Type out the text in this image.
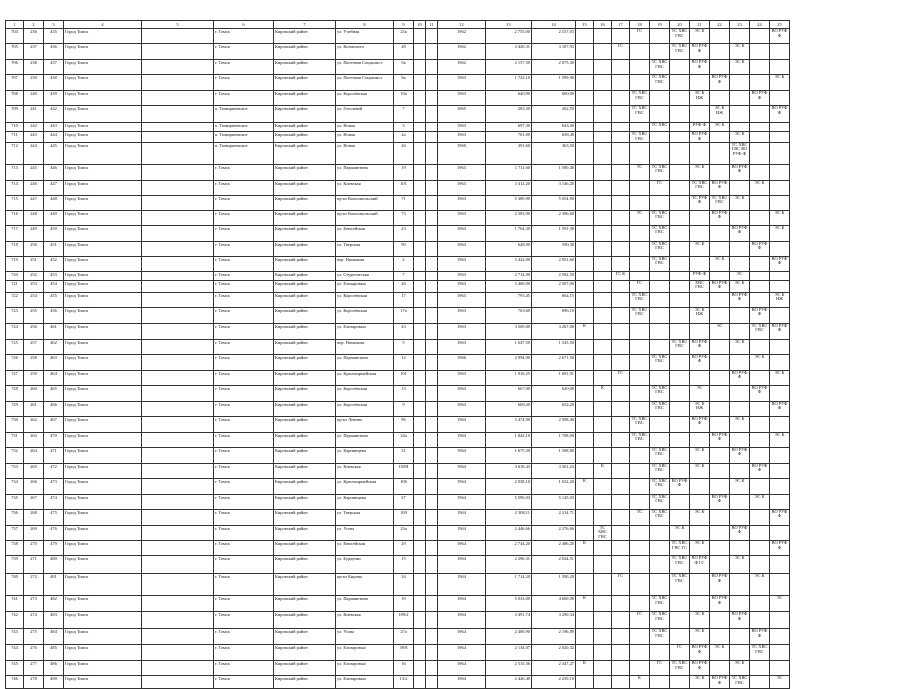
1	2	3	4	5	6	7	8	9	10	11	12	13	14	15	16	17	18	19	20	21	22	23	24	25
704	236	435	Город Томск		г. Томск	Кировский район	ул. Учебная	23а			1962	2 755,00	2 537,03				ГС		ТС ХВС ГВС	ЭС К				ВО РУФ Ф
705	237	436	Город Томск		г. Томск	Кировский район	ул. Котовского	28			1962	3 420,31	3 187,93			ГС			ТС ХВС ГВС	ВО РУФ Ф		ЭС К		
706	238	437	Город Томск		г. Томск	Кировский район	ул. Пасечная Социалист	9а			1962	2 157,50	2 075,30					ТС ХВС ГВС		ВО РУФ Ф		ЭС К		
707	239	438	Город Томск		г. Томск	Кировский район	ул. Пасечная Социалист	8а			1963	1 722,10	1 599,90					ТС ХВС ГВС			ВО РУФ Ф			ЭС К
708	240	439	Город Томск		г. Томск	Кировский район	ул. Королёвская	10а			1963	640,90	600,00				ТС ХВС ГВС			ЭС К НЖ			ВО РУФ Ф	
709	241	442	Город Томск		п. Тимирязевское	Кировский район	ул. Гоголевой	7			1965	285,30	262,50				ТС ХВС ГВС				ЭС К НЖ			ВО РУФ Ф
710	242	443	Город Томск		п. Тимирязевское	Кировский район	ул. Новая	3			1963	697,30	643,30					ТС ХВС		РУФ Ф	ЭС К			
711	243	444	Город Томск		п. Тимирязевское	Кировский район	ул. Новая	2а			1963	701,00	658,40				ТС ХВС ГВС			ВО РУФ Ф		ЭС К		
712	244	445	Город Томск		п. Тимирязевское	Кировский район	ул. Новая	26			1960	391,60	363,50									ТС ХВС ГВС ВО РУФ Ф		
713	245	446	Город Томск		г. Томск	Кировский район	ул. Парашютина	19			1963	1 711,60	1 590,40				ТС	ТС ХВС ГВС		ЭС К		ВО РУФ Ф		
714	246	447	Город Томск		г. Томск	Кировский район	ул. Киевская	101			1963	3 412,20	3 146,20					ГС		ТС ХВС ГВС	ВО РУФ Ф		ЭС К	
715	247	448	Город Томск		г. Томск	Кировский район	пр-кт Комсомольский	71			1963	5 389,90	5 054,90							ТС РУФ Ф	ТС ХВС ГВС	ЭС К		
716	248	449	Город Томск		г. Томск	Кировский район	пр-кт Комсомольский	73			1963	2 583,90	2 396,60				ТС	ТС ХВС ГВС			ВО РУФ Ф			ЭС К
717	249	450	Город Томск		г. Томск	Кировский район	ул. Енисейская	23			1963	1 764,30	1 591,30					ТС ХВС ГВС				ВО РУФ Ф		ЭС К
718	250	451	Город Томск		г. Томск	Кировский район	ул. Тверская	90			1963	648,90	590,30					ТС ХВС ГВС		ЭС К			ВО РУФ Ф	
719	251	452	Город Томск		г. Томск	Кировский район	пер. Нахимова	2			1963	3 422,00	2 951,60					ТС ХВС ГВС			ЭС К			ВО РУФ Ф
720	252	453	Город Томск		г. Томск	Кировский район	ул. Студенческая	7			1963	2 714,90	2 582,50			ГС К				РУФ Ф		ЭС		
721	253	454	Город Томск		г. Томск	Кировский район	ул. Елизаровых	26			1963	3 460,00	2 507,00				ГС			ХВС ГВС	ВО РУФ Ф	ЭС К		
722	254	455	Город Томск		г. Томск	Кировский район	ул. Королёвская	17			1963	793,45	664,15				ТС ХВС ГВС					ВО РУФ Ф		ЭС К НЖ
723	255	456	Город Томск		г. Томск	Кировский район	ул. Королёвская	17а			1963	763,60	696,10				ТС ХВС ГВС			ЭС К НЖ			ВО РУФ Ф	
724	256	461	Город Томск		г. Томск	Кировский район	ул. Елизаровых	43			1963	3 569,00	3 267,00	К							ЭС		ТС ХВС ГВС	ВО РУФ Ф
725	257	462	Город Томск		г. Томск	Кировский район	пер. Нахимова	5			1963	1 647,50	1 545,50						ТС ХВС ГВС	ВО РУФ Ф		ЭС К		
726	258	463	Город Томск		г. Томск	Кировский район	ул. Парашютина	12			1966	2 994,00	2 671,50					ТС ХВС ГВС		ВО РУФ Ф			ЭС К	
727	259	464	Город Томск		г. Томск	Кировский район	ул. Красноармейская	101			1963	1 916,25	1 691,91			ГС						ВО РУФ Ф		ЭС К
728	260	465	Город Томск		г. Томск	Кировский район	ул. Королёвская	13			1963	667,00	620,00		К			ТС ХВС ГВС		ЭС			ВО РУФ Ф	
729	261	466	Город Томск		г. Томск	Кировский район	ул. Королёвская	9			1963	669,20	632,20					ТС ХВС ГВС		ЭС К НЖ				ВО РУФ Ф
730	262	467	Город Томск		г. Томск	Кировский район	пр-кт Ленина	96			1964	3 474,90	2 508,40				ТС ХВС ГВС			ВО РУФ Ф		ЭС К		
731	263	470	Город Томск		г. Томск	Кировский район	ул. Парашютина	24а			1964	1 842,10	1 708,00				ТС ХВС ГВС				ВО РУФ Ф			ЭС К
732	264	471	Город Томск		г. Томск	Кировский район	ул. Карпинцева	31			1964	1 675,30	1 568,80					ТС ХВС ГВС		ЭС К		ВО РУФ Ф		
733	265	472	Город Томск		г. Томск	Кировский район	ул. Киевская	105Н			1964	3 618,43	3 361,23		К			ТС ХВС ГВС		ЭС К			ВО РУФ Ф	
734	266	473	Город Томск		г. Томск	Кировский район	ул. Красноармейская	106			1964	2 038,10	1 632,20	К				ТС ХВС ГВС	ВО РУФ Ф			ЭС К		
735	267	474	Город Томск		г. Томск	Кировский район	ул. Карпинцева	37			1964	5 590,03	5 145,03					ТС ХВС ГВС			ВО РУФ Ф		ЭС К	
736	268	475	Город Томск		г. Томск	Кировский район	ул. Тверская	109			1964	2 308,11	2 214,71				ТС	ТС ХВС ГВС		ЭС К				ВО РУФ Ф
737	269	476	Город Томск		г. Томск	Кировский район	ул. Усова	23а			1964	2 446,66	2 276,66		ТС ХВС ГВС				ЭС К			ВО РУФ Ф		
738	270	479	Город Томск		г. Томск	Кировский район	ул. Енисейская	29			1964	2 744,20	2 486,20	К					ТС ХВС ГВС ГС	ЭС К				ВО РУФ Ф
739	271	480	Город Томск		г. Томск	Кировский район	ул. Бурденко	15			1964	2 296,31	2 024,51						ТС ХВС ГВС	ВО РУФ Ф ГС		ЭС К		
740	272	481	Город Томск		г. Томск	Кировский район	пр-кт Кирова	34			1964	1 714,20	1 590,20			ГС			ТС ХВС ГВС		ВО РУФ Ф		ЭС К	
741	273	482	Город Томск		г. Томск	Кировский район	ул. Парашютина	19			1964	5 033,00	4 600,08	К				ТС ХВС ГВС			ВО РУФ Ф			ЭС
742	274	483	Город Томск		г. Томск	Кировский район	ул. Киевская	109/2			1964	3 491,74	3 290,34				ГС	ТС ХВС ГВС		ЭС К		ВО РУФ Ф		
743	275	484	Город Томск		г. Томск	Кировский район	ул. Усова	27а			1964	2 400,90	2 196,89					ТС ХВС ГВС		ЭС К			ВО РУФ Ф	
744	276	485	Город Томск		г. Томск	Кировский район	ул. Елизаровых	39/8			1964	2 134,07	2 020,32						ГС	ВО РУФ Ф	ЭС К		ТС ХВС ГВС	
745	277	486	Город Томск		г. Томск	Кировский район	ул. Елизаровых	16			1964	2 515,36	2 347,27	К				ГС	ТС ХВС ГВС	ВО РУФ Ф		ЭС К		
746	278	490	Город Томск		г. Томск	Кировский район	ул. Елизаровых	13/2			1964	2 426,40	2 239,10				К			ЭС К	ВО РУФ Ф	ТС ХВС ГВС		ЭС
